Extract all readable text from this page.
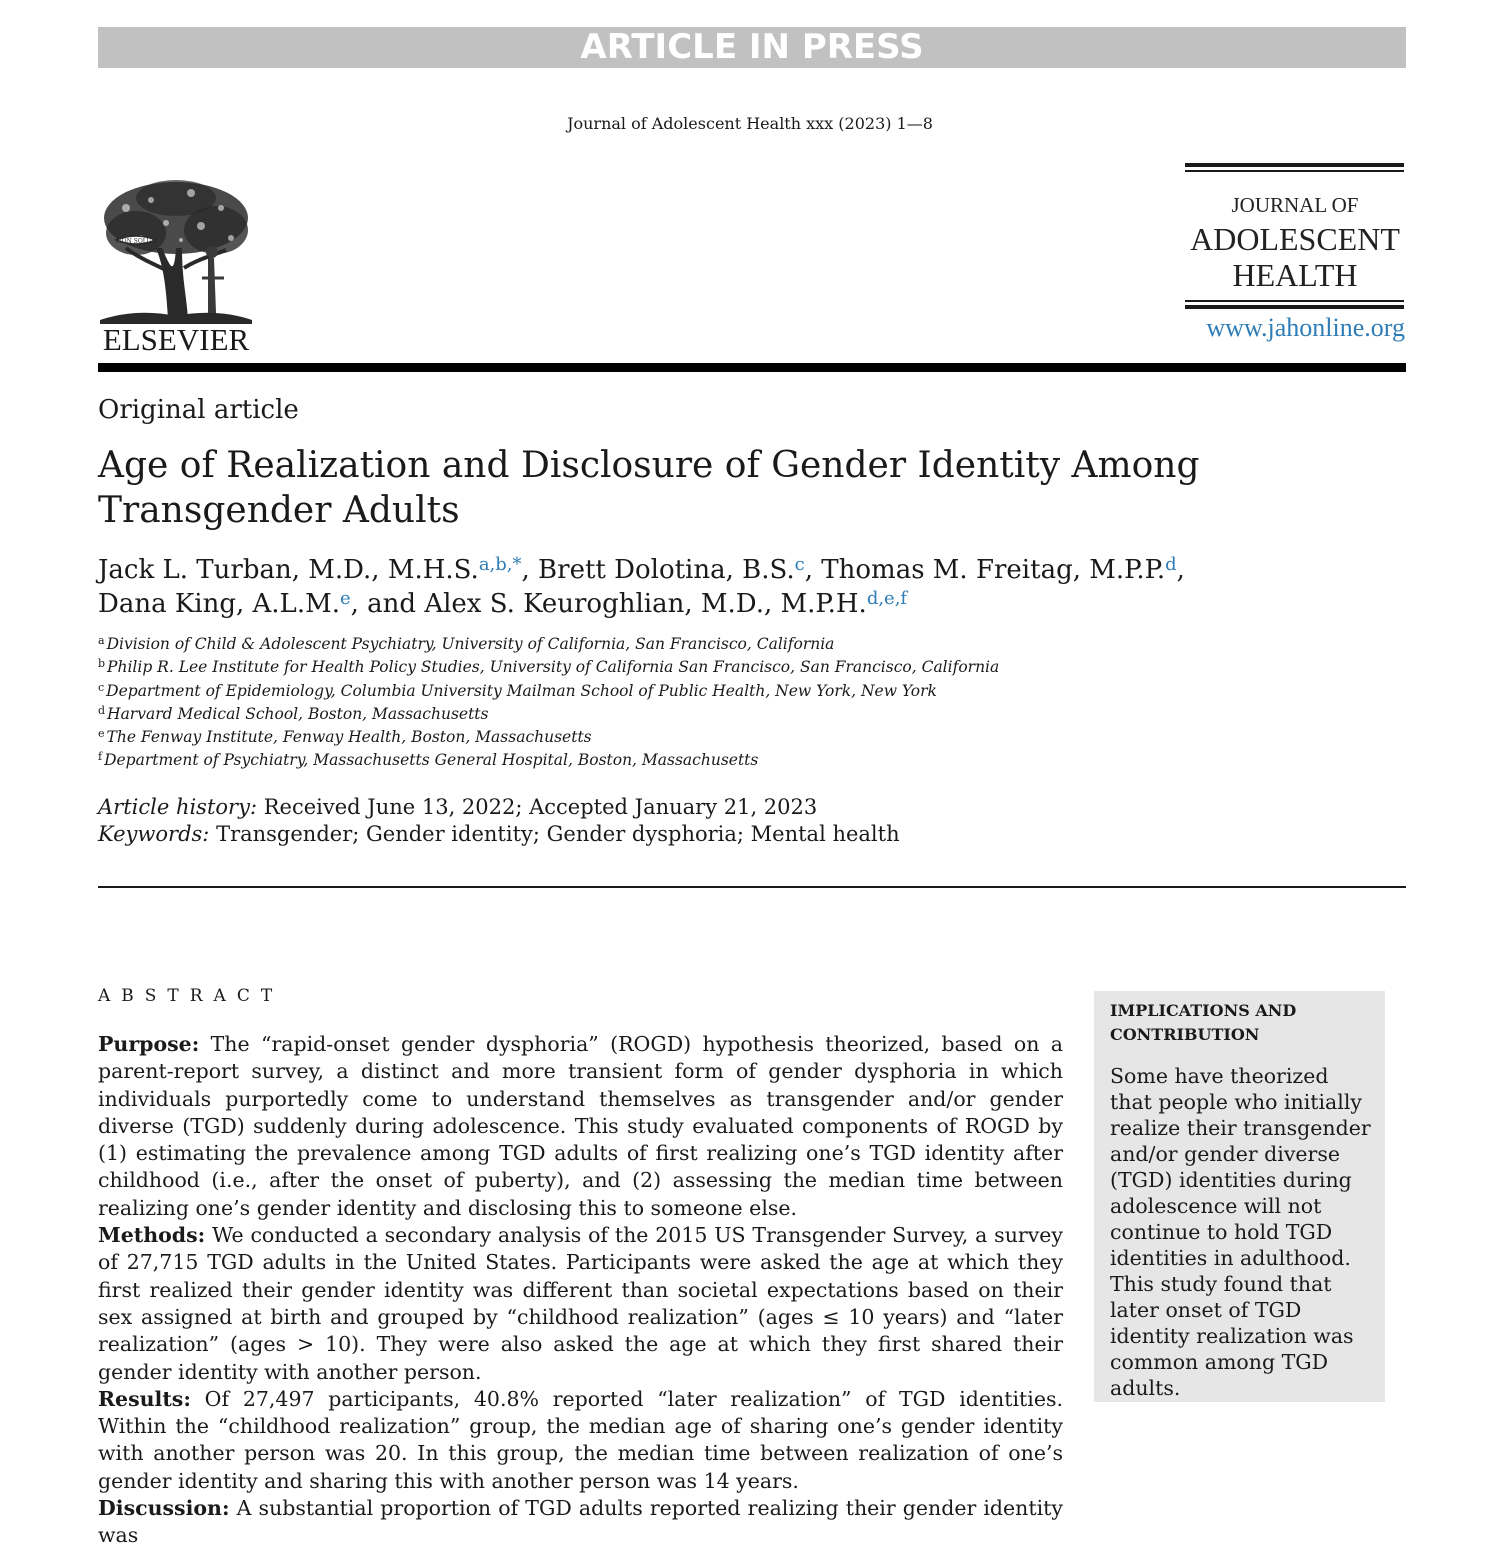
ARTICLE IN PRESS
Journal of Adolescent Health xxx (2023) 1—8
NON SOLUS
ELSEVIER
JOURNAL OF
ADOLESCENT
HEALTH
www.jahonline.org
Original article
Age of Realization and Disclosure of Gender Identity Among
Transgender Adults
Jack L. Turban, M.D., M.H.S.$^{a,b,*}$, Brett Dolotina, B.S.$^c$, Thomas M. Freitag, M.P.P.$^d$,
Dana King, A.L.M.$^e$, and Alex S. Keuroghlian, M.D., M.P.H.$^{d,e,f}$
$^a$ Division of Child & Adolescent Psychiatry, University of California, San Francisco, California
$^b$ Philip R. Lee Institute for Health Policy Studies, University of California San Francisco, San Francisco, California
$^c$ Department of Epidemiology, Columbia University Mailman School of Public Health, New York, New York
$^d$ Harvard Medical School, Boston, Massachusetts
$^e$ The Fenway Institute, Fenway Health, Boston, Massachusetts
$^f$ Department of Psychiatry, Massachusetts General Hospital, Boston, Massachusetts
Article history: Received June 13, 2022; Accepted January 21, 2023
Keywords: Transgender; Gender identity; Gender dysphoria; Mental health
ABSTRACT

Purpose: The “rapid-onset gender dysphoria” (ROGD) hypothesis theorized, based on a parent-report survey, a distinct and more transient form of gender dysphoria in which individuals purportedly come to understand themselves as transgender and/or gender diverse (TGD) suddenly during adolescence. This study evaluated components of ROGD by (1) estimating the prevalence among TGD adults of first realizing one’s TGD identity after childhood (i.e., after the onset of puberty), and (2) assessing the median time between realizing one’s gender identity and disclosing this to someone else.

Methods: We conducted a secondary analysis of the 2015 US Transgender Survey, a survey of 27,715 TGD adults in the United States. Participants were asked the age at which they first realized their gender identity was different than societal expectations based on their sex assigned at birth and grouped by “childhood realization” (ages ≤ 10 years) and “later realization” (ages > 10). They were also asked the age at which they first shared their gender identity with another person.

Results: Of 27,497 participants, 40.8% reported “later realization” of TGD identities. Within the “childhood realization” group, the median age of sharing one’s gender identity with another person was 20. In this group, the median time between realization of one’s gender identity and sharing this with another person was 14 years.

Discussion: A substantial proportion of TGD adults reported realizing their gender identity was

IMPLICATIONS AND
CONTRIBUTION
Some have theorized that people who initially realize their transgender and/or gender diverse (TGD) identities during adolescence will not continue to hold TGD identities in adulthood. This study found that later onset of TGD identity realization was common among TGD adults.
